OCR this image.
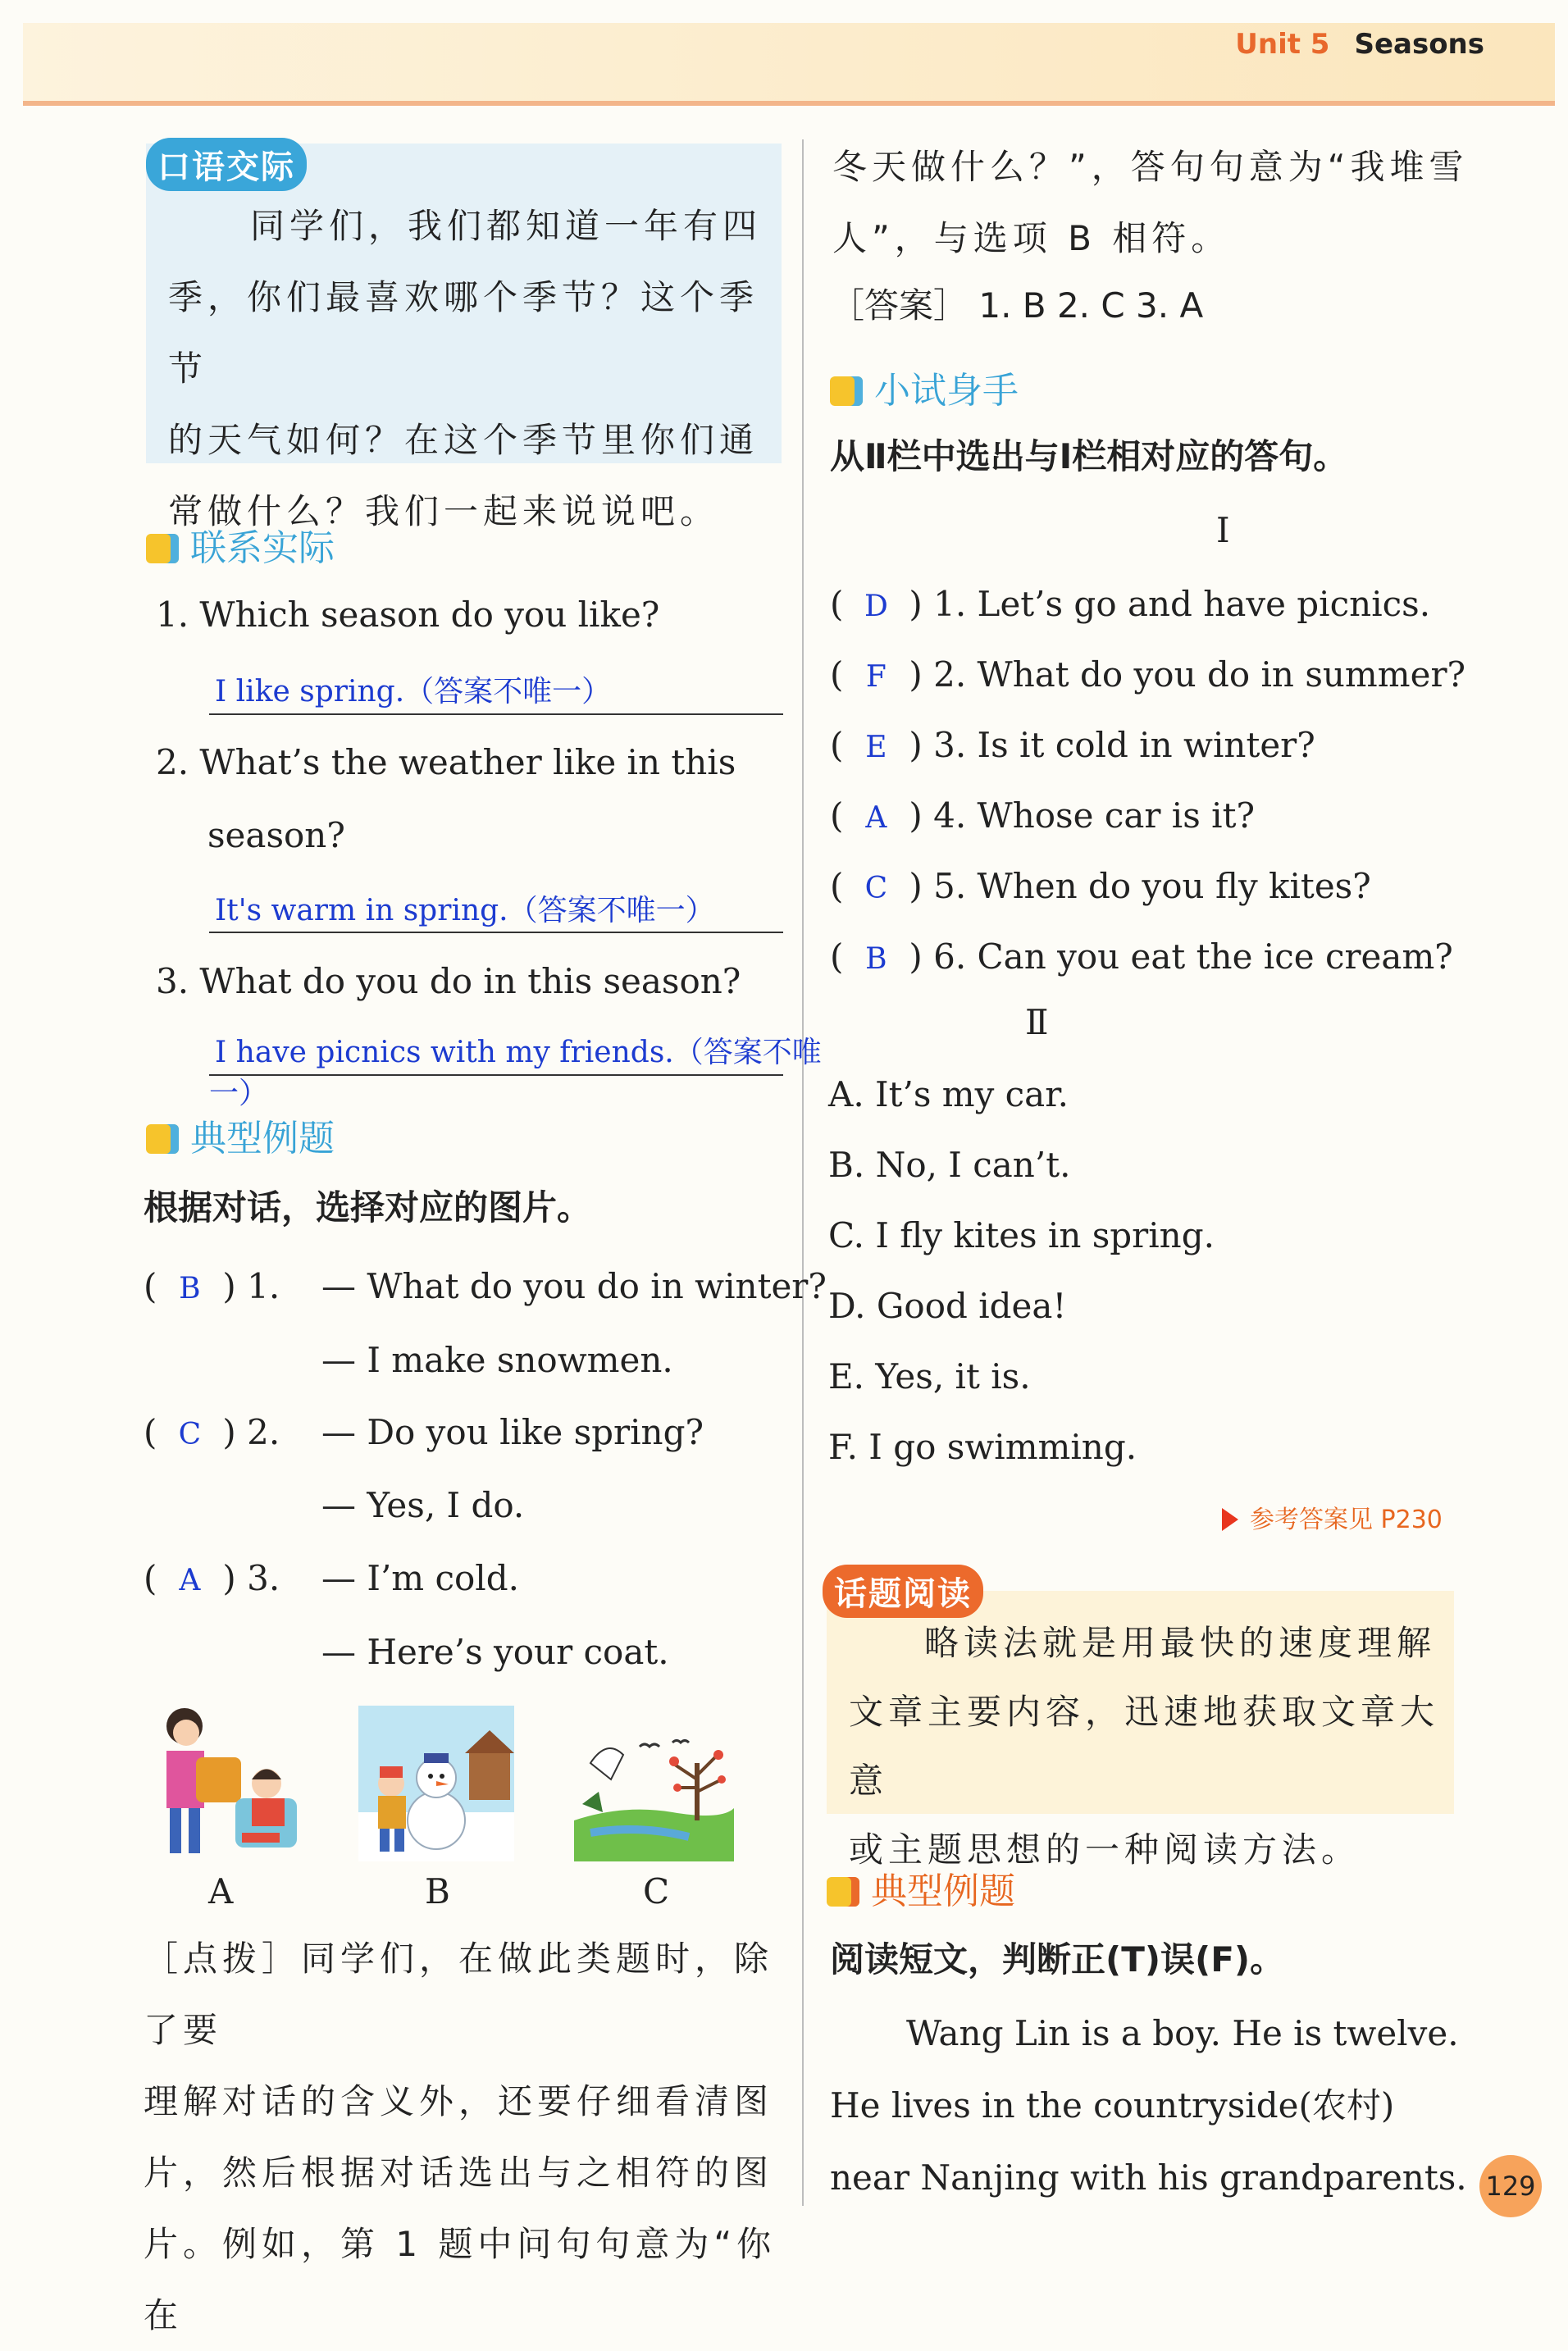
Unit 5 Seasons
口语交际
同学们，我们都知道一年有四
季，你们最喜欢哪个季节？这个季节
的天气如何？在这个季节里你们通
常做什么？我们一起来说说吧。
联系实际
1. Which season do you like?
I like spring.（答案不唯一）
2. What’s the weather like in this
season?
It's warm in spring.（答案不唯一）
3. What do you do in this season?
I have picnics with my friends.（答案不唯
一）
典型例题
根据对话，选择对应的图片。
( B ) 1. — What do you do in winter?
— I make snowmen.
( C ) 2. — Do you like spring?
— Yes, I do.
( A ) 3. — I’m cold.
— Here’s your coat.
A	B	C
［点拨］同学们，在做此类题时，除了要
理解对话的含义外，还要仔细看清图
片，然后根据对话选出与之相符的图
片。例如，第 1 题中问句句意为“你在
冬天做什么？”，答句句意为“我堆雪
人”，与选项 B 相符。
［答案］ 1. B 2. C 3. A
小试身手
从Ⅱ栏中选出与Ⅰ栏相对应的答句。
Ⅰ
( D ) 1. Let’s go and have picnics.
( F ) 2. What do you do in summer?
( E ) 3. Is it cold in winter?
( A ) 4. Whose car is it?
( C ) 5. When do you fly kites?
( B ) 6. Can you eat the ice cream?
Ⅱ
A. It’s my car.
B. No, I can’t.
C. I fly kites in spring.
D. Good idea!
E. Yes, it is.
F. I go swimming.
参考答案见 P230
话题阅读
略读法就是用最快的速度理解
文章主要内容，迅速地获取文章大意
或主题思想的一种阅读方法。
典型例题
阅读短文，判断正(T)误(F)。
Wang Lin is a boy. He is twelve.
He lives in the countryside(农村)
near Nanjing with his grandparents. 129
